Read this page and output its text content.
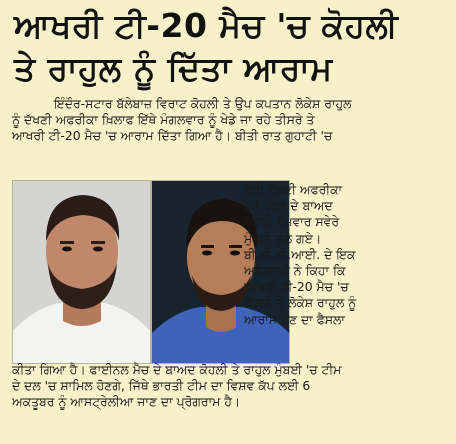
ਆਖਰੀ ਟੀ-20 ਮੈਚ 'ਚ ਕੋਹਲੀ
ਤੇ ਰਾਹੁਲ ਨੂੰ ਦਿੱਤਾ ਆਰਾਮ
ਇੰਦੌਰ-ਸਟਾਰ ਬੱਲੇਬਾਜ਼ ਵਿਰਾਟ ਕੋਹਲੀ ਤੇ ਉਪ ਕਪਤਾਨ ਲੋਕੇਸ਼ ਰਾਹੁਲ
ਨੂੰ ਦੱਖਣੀ ਅਫਰੀਕਾ ਖ਼ਿਲਾਫ ਇੱਥੇ ਮੰਗਲਵਾਰ ਨੂੰ ਖੇਡੇ ਜਾ ਰਹੇ ਤੀਸਰੇ ਤੇ
ਆਖਰੀ ਟੀ-20 ਮੈਚ 'ਚ ਆਰਾਮ ਦਿੱਤਾ ਗਿਆ ਹੈ। ਬੀਤੀ ਰਾਤ ਗੁਹਾਟੀ 'ਚ
ਲੜੀ ਦੱਖਣੀ ਅਫਰੀਕਾ
ਹੱਥੋਂ ਹੋਰਨ ਦੇ ਬਾਅਦ
ਕੋਹਲੀ ਸੋਮਵਾਰ ਸਵੇਰੇ
ਮੁੰਬਈ ਚਲੇ ਗਏ।
ਬੀ.ਸੀ.ਸੀ.ਆਈ. ਦੇ ਇਕ
ਅਧਿਕਾਰੀ ਨੇ ਕਿਹਾ ਕਿ
ਆਖਰੀ ਟੀ-20 ਮੈਚ 'ਚ
ਕੋਹਲੀ ਤੇ ਲੋਕੇਸ਼ ਰਾਹੁਲ ਨੂੰ
ਆਰਾਮ ਦੇਣ ਦਾ ਫੈਸਲਾ
ਕੀਤਾ ਗਿਆ ਹੈ। ਫਾਈਨਲ ਮੈਚ ਦੇ ਬਾਅਦ ਕੋਹਲੀ ਤੇ ਰਾਹੁਲ ਮੁੰਬਈ 'ਚ ਟੀਮ
ਦੇ ਦਲ 'ਚ ਸ਼ਾਮਿਲ ਹੋਣਗੇ, ਜਿੱਥੇ ਭਾਰਤੀ ਟੀਮ ਦਾ ਵਿਸ਼ਵ ਕੱਪ ਲਈ 6
ਅਕਤੂਬਰ ਨੂੰ ਆਸਟ੍ਰੇਲੀਆ ਜਾਣ ਦਾ ਪ੍ਰੋਗਰਾਮ ਹੈ।
